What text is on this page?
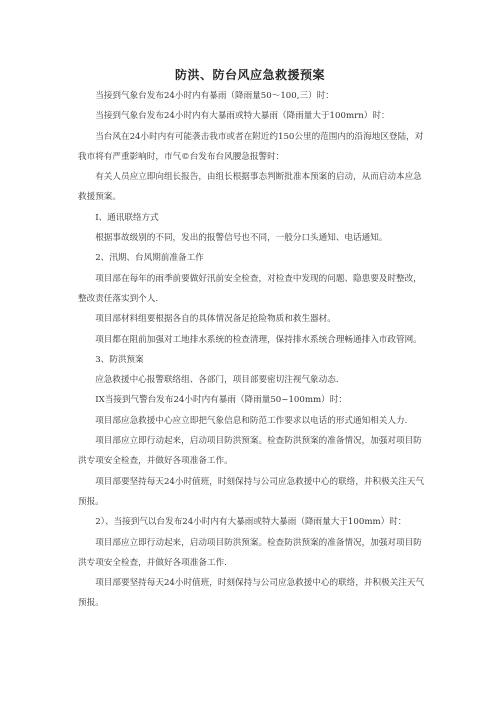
防洪、防台风应急救援预案

当接到气象台发布24小时内有暴雨（降雨量50〜100,三）时：

当接到气象台发布24小时内有大暴雨或特大暴雨（降雨量大于100mrn）时：

当台风在24小时内有可能袭击我市或者在附近约150公里的范围内的沿海地区登陆，对我市将有严重影响时，市气©台发布台风腰急报警时：

有关人员应立即向组长报告，由组长根据事态判断批准本预案的启动，从而启动本应急救援预案。

I、通讯联络方式

根据事故级别的不同，发出的报警信号也不同，一般分口头通知、电话通知。

2、汛期、台风期前准备工作

项目部在每年的雨季前要做好汛前安全检查，对检查中发现的问题、隐患要及时整改，整改责任落实到个人.

项目部材料组要根据各自的具体情况备足抢险物质和救生器材。

项目都在阻前加强对工地排水系统的检查清理，保持排水系统合理畅通排入市政管网。

3、防洪预案

应急救援中心报警联络组、各部门，项目部要密切注视气象动态.

IX当接到气警台发布24小时内有暴雨（降雨量50~100mm）时：

项目部应急救援中心应立即把气象信息和防范工作要求以电话的形式通知相关人力.

项目部应立即行动起来，启动项目防洪预案。检查防洪预案的准备情况，加强对项目防洪专项安全检查，并做好各项准备工作。

项目部要坚持每天24小时值班，时刻保持与公司应急救援中心的联络，并积极关注天气预报。

2）、当接到气以台发布24小时内有大暴雨或特大暴雨（降雨量大于100mm）时：

项目部应立即行动起来，启动项目防洪预案。检查防洪预案的准备情况，加强对项目防洪专项安全检查，并做好各项准备工作.

项目部要坚持每天24小时值班，时刻保持与公司应急救援中心的联络，并积极关注天气预报。
